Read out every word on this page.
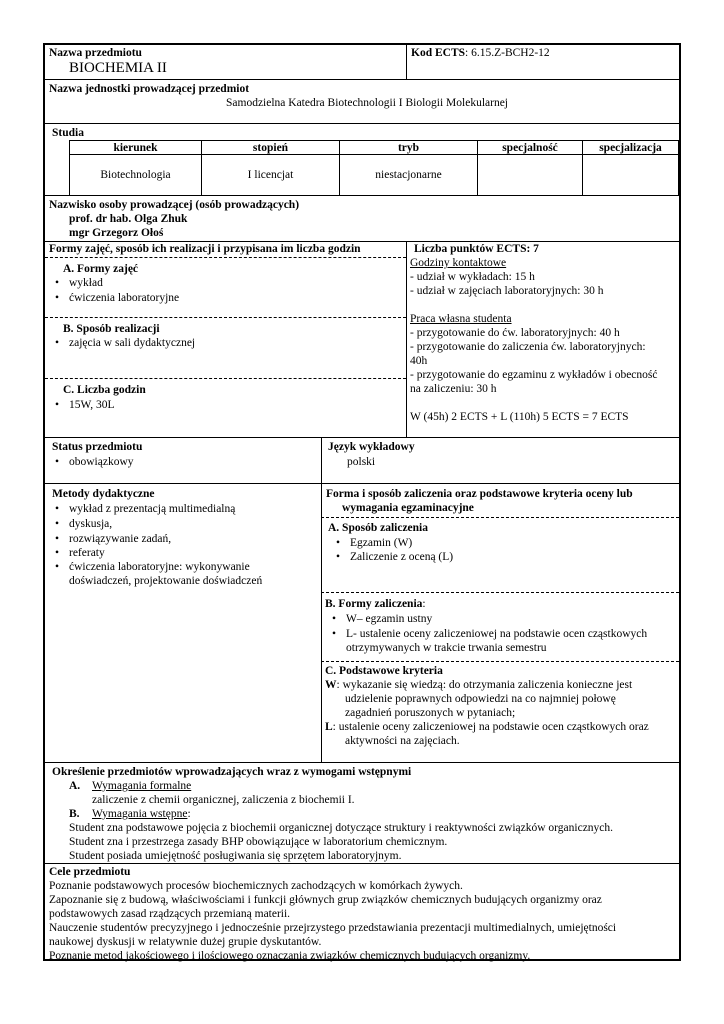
Nazwa przedmiotu
BIOCHEMIA II
Kod ECTS: 6.15.Z-BCH2-12
Nazwa jednostki prowadzącej przedmiot
Samodzielna Katedra Biotechnologii I Biologii Molekularnej
Studia
kierunek	stopień	tryb	specjalność	specjalizacja
Biotechnologia	I licencjat	niestacjonarne		
Nazwisko osoby prowadzącej (osób prowadzących)
prof. dr hab. Olga Zhuk
mgr Grzegorz Ołoś
Formy zajęć, sposób ich realizacji i przypisana im liczba godzin
A. Formy zajęć
• wykład
• ćwiczenia laboratoryjne
B. Sposób realizacji
• zajęcia w sali dydaktycznej
C. Liczba godzin
• 15W, 30L
Liczba punktów ECTS: 7
Godziny kontaktowe
- udział w wykładach: 15 h
- udział w zajęciach laboratoryjnych: 30 h
Praca własna studenta
- przygotowanie do ćw. laboratoryjnych: 40 h
- przygotowanie do zaliczenia ćw. laboratoryjnych:
40h
- przygotowanie do egzaminu z wykładów i obecność
na zaliczeniu: 30 h
W (45h) 2 ECTS + L (110h) 5 ECTS = 7 ECTS
Status przedmiotu
• obowiązkowy
Język wykładowy
polski
Metody dydaktyczne
• wykład z prezentacją multimedialną
• dyskusja,
• rozwiązywanie zadań,
• referaty
• ćwiczenia laboratoryjne: wykonywanie
doświadczeń, projektowanie doświadczeń
Forma i sposób zaliczenia oraz podstawowe kryteria oceny lub
wymagania egzaminacyjne
A. Sposób zaliczenia
• Egzamin (W)
• Zaliczenie z oceną (L)
B. Formy zaliczenia:
• W– egzamin ustny
• L- ustalenie oceny zaliczeniowej na podstawie ocen cząstkowych
otrzymywanych w trakcie trwania semestru
C. Podstawowe kryteria
W: wykazanie się wiedzą: do otrzymania zaliczenia konieczne jest
udzielenie poprawnych odpowiedzi na co najmniej połowę
zagadnień poruszonych w pytaniach;
L: ustalenie oceny zaliczeniowej na podstawie ocen cząstkowych oraz
aktywności na zajęciach.
Określenie przedmiotów wprowadzających wraz z wymogami wstępnymi
A. Wymagania formalne
zaliczenie z chemii organicznej, zaliczenia z biochemii I.
B. Wymagania wstępne:
Student zna podstawowe pojęcia z biochemii organicznej dotyczące struktury i reaktywności związków organicznych.
Student zna i przestrzega zasady BHP obowiązujące w laboratorium chemicznym.
Student posiada umiejętność posługiwania się sprzętem laboratoryjnym.
Cele przedmiotu
Poznanie podstawowych procesów biochemicznych zachodzących w komórkach żywych.
Zapoznanie się z budową, właściwościami i funkcji głównych grup związków chemicznych budujących organizmy oraz
podstawowych zasad rządzących przemianą materii.
Nauczenie studentów precyzyjnego i jednocześnie przejrzystego przedstawiania prezentacji multimedialnych, umiejętności
naukowej dyskusji w relatywnie dużej grupie dyskutantów.
Poznanie metod jakościowego i ilościowego oznaczania związków chemicznych budujących organizmy.
